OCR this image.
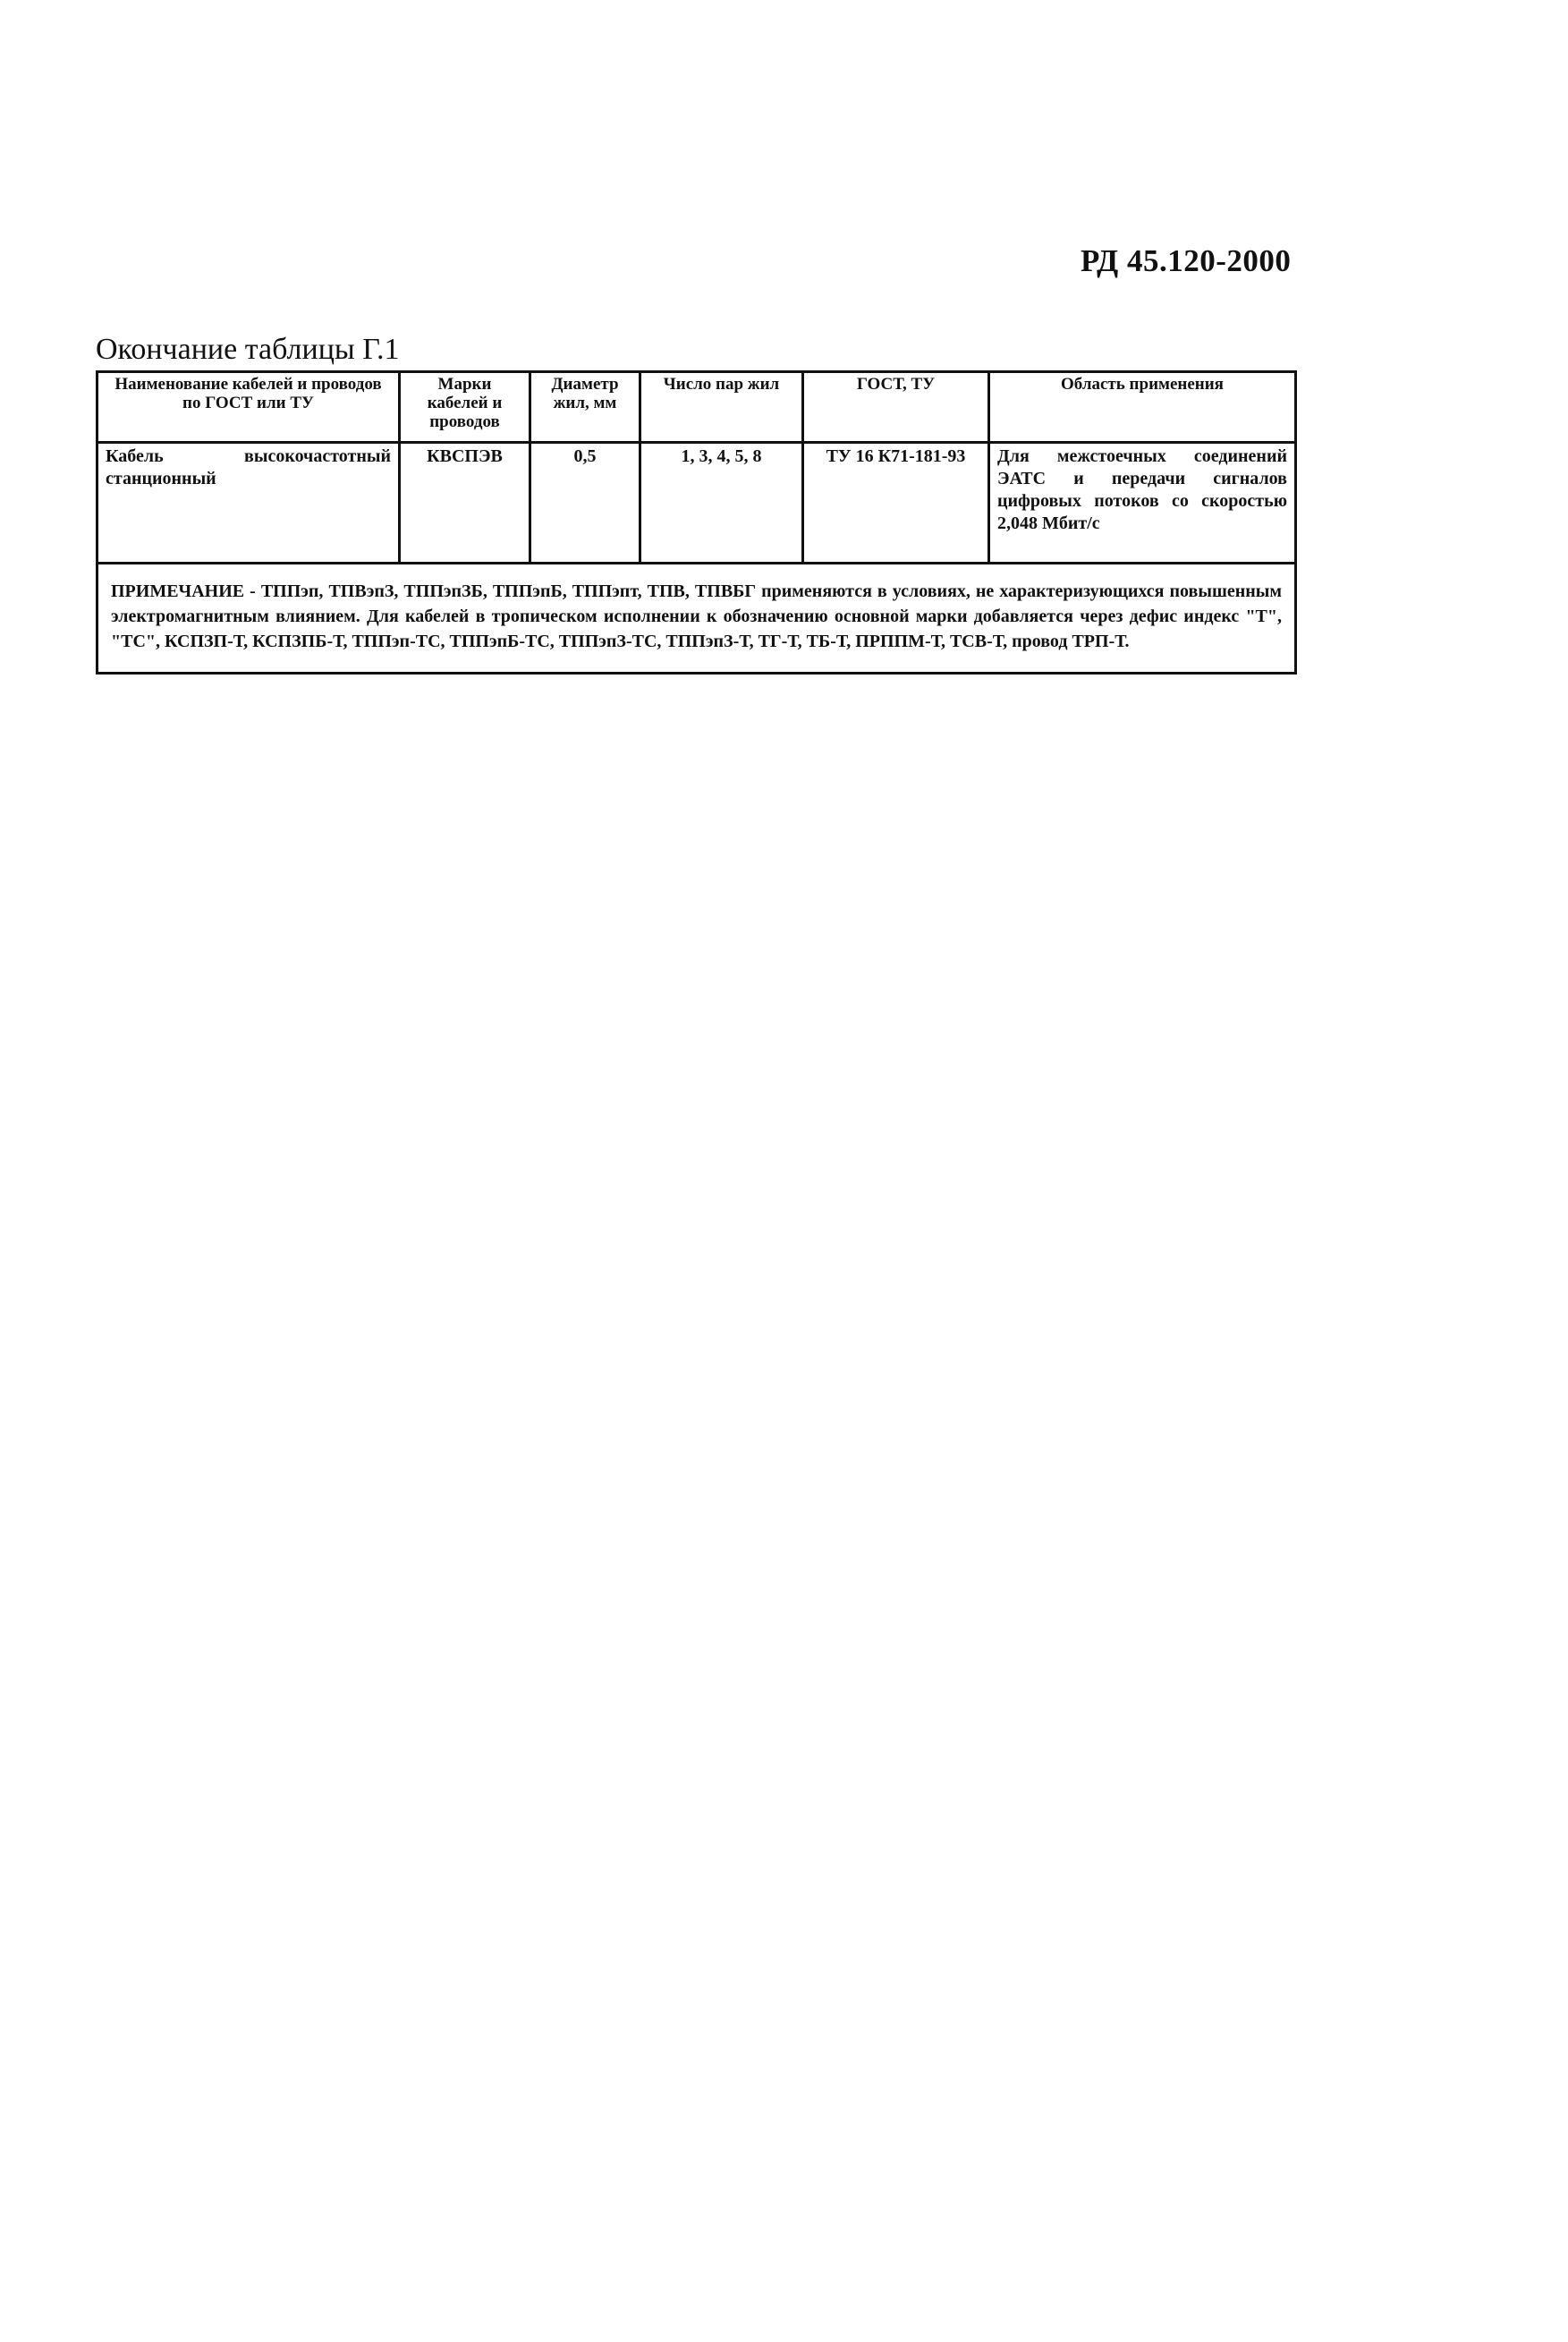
РД 45.120-2000
Окончание таблицы Г.1
Наименование кабелей и проводов по ГОСТ или ТУ	Марки кабелей и проводов	Диаметр жил, мм	Число пар жил	ГОСТ, ТУ	Область применения
Кабель высокочастотный станционный	КВСПЭВ	0,5	1, 3, 4, 5, 8	ТУ 16 К71-181-93	Для межстоечных соединений ЭАТС и передачи сигналов цифровых потоков со скоростью 2,048 Мбит/с
ПРИМЕЧАНИЕ - ТППэп, ТПВэпЗ, ТППэпЗБ, ТППэпБ, ТППэпт, ТПВ, ТПВБГ применяются в условиях, не характеризующихся повышенным электромагнитным влиянием. Для кабелей в тропическом исполнении к обозначению основной марки добавляется через дефис индекс "Т", "ТС", КСПЗП-Т, КСПЗПБ-Т, ТППэп-ТС, ТППэпБ-ТС, ТППэпЗ-ТС, ТППэпЗ-Т, ТГ-Т, ТБ-Т, ПРППМ-Т, ТСВ-Т, провод ТРП-Т.					
